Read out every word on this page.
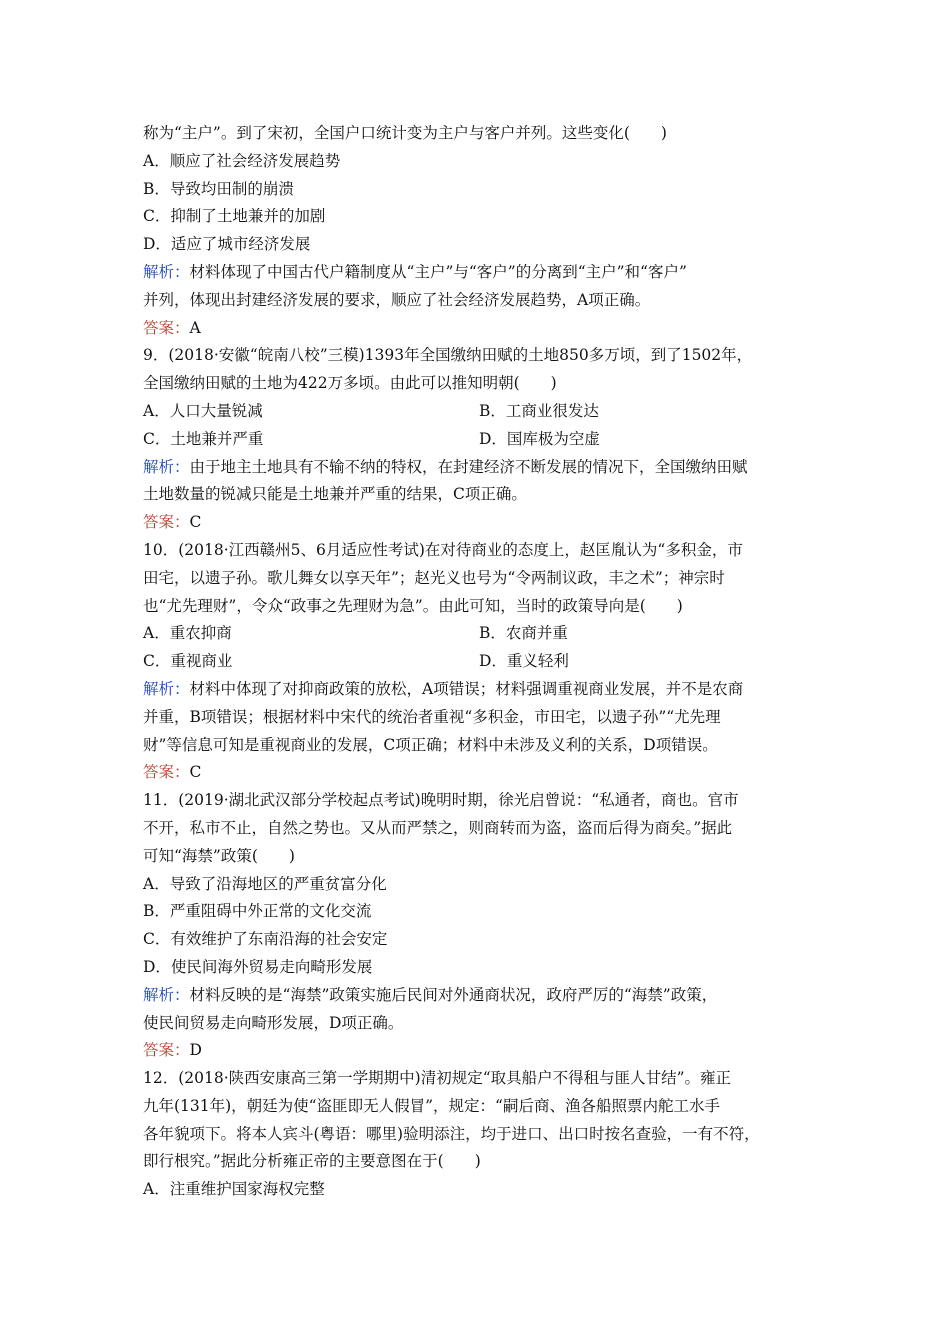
称为“主户”。到了宋初，全国户口统计变为主户与客户并列。这些变化(　　)
A．顺应了社会经济发展趋势
B．导致均田制的崩溃
C．抑制了土地兼并的加剧
D．适应了城市经济发展
解析：材料体现了中国古代户籍制度从“主户”与“客户”的分离到“主户”和“客户”
并列，体现出封建经济发展的要求，顺应了社会经济发展趋势，A项正确。
答案：A
9．(2018·安徽“皖南八校”三模)1393年全国缴纳田赋的土地850多万顷，到了1502年，
全国缴纳田赋的土地为422万多顷。由此可以推知明朝(　　)
A．人口大量锐减	B．工商业很发达
C．土地兼并严重	D．国库极为空虚
解析：由于地主土地具有不输不纳的特权，在封建经济不断发展的情况下，全国缴纳田赋
土地数量的锐减只能是土地兼并严重的结果，C项正确。
答案：C
10．(2018·江西赣州5、6月适应性考试)在对待商业的态度上，赵匡胤认为“多积金，市
田宅，以遗子孙。歌儿舞女以享天年”；赵光义也号为“令两制议政，丰之术”；神宗时
也“尤先理财”，令众“政事之先理财为急”。由此可知，当时的政策导向是(　　)
A．重农抑商	B．农商并重
C．重视商业	D．重义轻利
解析：材料中体现了对抑商政策的放松，A项错误；材料强调重视商业发展，并不是农商
并重，B项错误；根据材料中宋代的统治者重视“多积金，市田宅，以遗子孙”“尤先理
财”等信息可知是重视商业的发展，C项正确；材料中未涉及义利的关系，D项错误。
答案：C
11．(2019·湖北武汉部分学校起点考试)晚明时期，徐光启曾说：“私通者，商也。官市
不开，私市不止，自然之势也。又从而严禁之，则商转而为盗，盗而后得为商矣。”据此
可知“海禁”政策(　　)
A．导致了沿海地区的严重贫富分化
B．严重阻碍中外正常的文化交流
C．有效维护了东南沿海的社会安定
D．使民间海外贸易走向畸形发展
解析：材料反映的是“海禁”政策实施后民间对外通商状况，政府严厉的“海禁”政策，
使民间贸易走向畸形发展，D项正确。
答案：D
12．(2018·陕西安康高三第一学期期中)清初规定“取具船户不得租与匪人甘结”。雍正
九年(131年)，朝廷为使“盗匪即无人假冒”，规定：“嗣后商、渔各船照票内舵工水手
各年貌项下。将本人宾斗(粤语：哪里)验明添注，均于进口、出口时按名查验，一有不符，
即行根究。”据此分析雍正帝的主要意图在于(　　)
A．注重维护国家海权完整
